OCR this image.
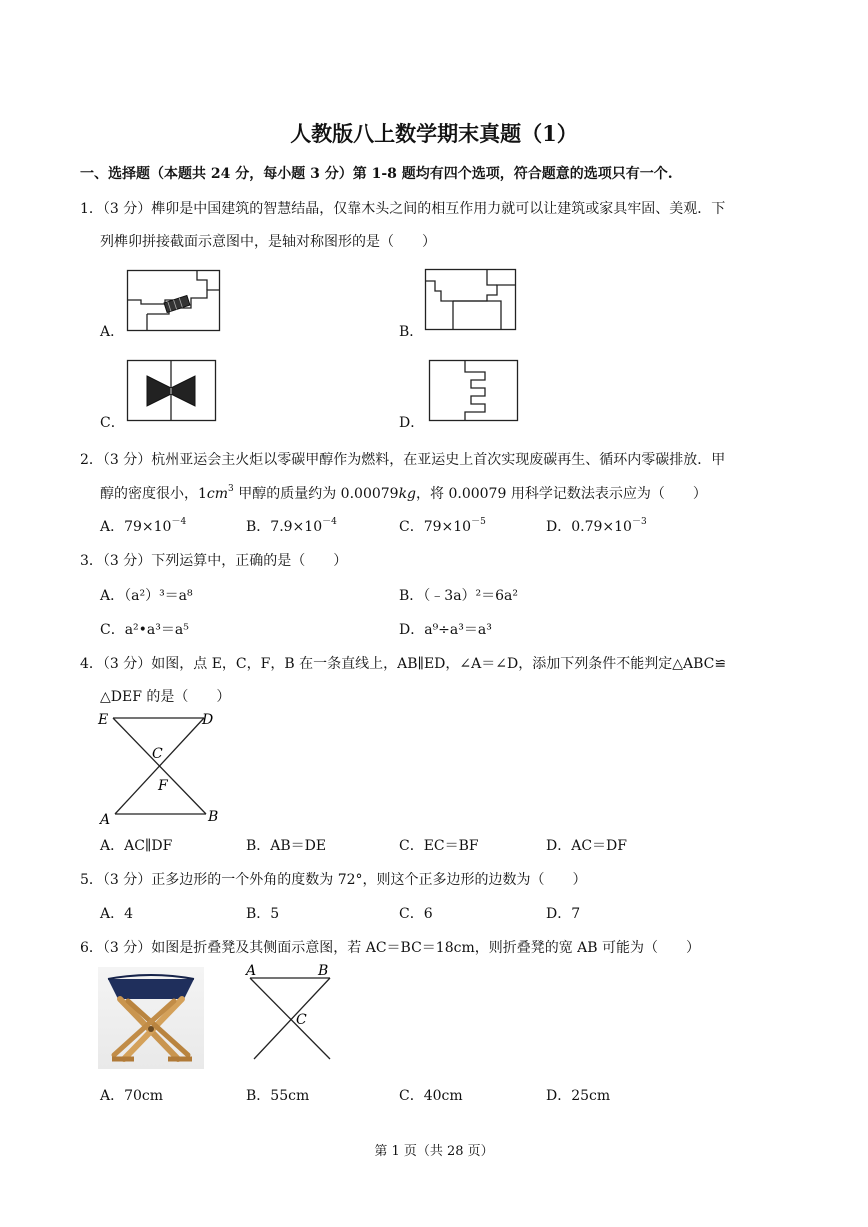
人教版八上数学期末真题（1）
一、选择题（本题共 24 分，每小题 3 分）第 1-8 题均有四个选项，符合题意的选项只有一个.
1．（3 分）榫卯是中国建筑的智慧结晶，仅靠木头之间的相互作用力就可以让建筑或家具牢固、美观．下
列榫卯拼接截面示意图中，是轴对称图形的是（　　）
A．	B．
C．	D．
2．（3 分）杭州亚运会主火炬以零碳甲醇作为燃料，在亚运史上首次实现废碳再生、循环内零碳排放．甲
醇的密度很小，$1cm^3$ 甲醇的质量约为 0.00079kg，将 0.00079 用科学记数法表示应为（　　）
A．$79\times 10^{-4}$	B．$7.9\times 10^{-4}$	C．$79\times 10^{-5}$	D．$0.79\times 10^{-3}$
3．（3 分）下列运算中，正确的是（　　）
A．（a²）³＝a⁸	B．（﹣3a）²＝6a²
C．a²•a³＝a⁵	D．a⁹÷a³＝a³
4．（3 分）如图，点 E，C，F，B 在一条直线上，AB∥ED，∠A＝∠D，添加下列条件不能判定△ABC≌
△DEF 的是（　　）
E	D
C
F
A	B
A．AC∥DF	B．AB＝DE	C．EC＝BF	D．AC＝DF
5．（3 分）正多边形的一个外角的度数为 72°，则这个正多边形的边数为（　　）
A．4	B．5	C．6	D．7
6．（3 分）如图是折叠凳及其侧面示意图，若 AC＝BC＝18cm，则折叠凳的宽 AB 可能为（　　）
A	B
C
A．70cm	B．55cm	C．40cm	D．25cm
第 1 页（共 28 页）
